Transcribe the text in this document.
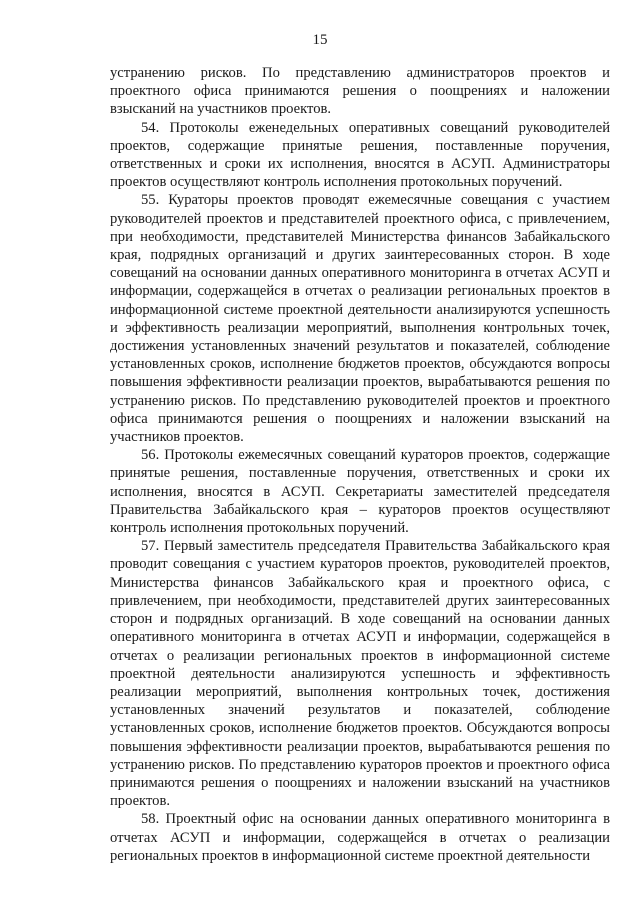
15

устранению рисков. По представлению администраторов проектов и проектного офиса принимаются решения о поощрениях и наложении взысканий на участников проектов.

54. Протоколы еженедельных оперативных совещаний руководителей проектов, содержащие принятые решения, поставленные поручения, ответственных и сроки их исполнения, вносятся в АСУП. Администраторы проектов осуществляют контроль исполнения протокольных поручений.

55. Кураторы проектов проводят ежемесячные совещания с участием руководителей проектов и представителей проектного офиса, с привлечением, при необходимости, представителей Министерства финансов Забайкальского края, подрядных организаций и других заинтересованных сторон. В ходе совещаний на основании данных оперативного мониторинга в отчетах АСУП и информации, содержащейся в отчетах о реализации региональных проектов в информационной системе проектной деятельности анализируются успешность и эффективность реализации мероприятий, выполнения контрольных точек, достижения установленных значений результатов и показателей, соблюдение установленных сроков, исполнение бюджетов проектов, обсуждаются вопросы повышения эффективности реализации проектов, вырабатываются решения по устранению рисков. По представлению руководителей проектов и проектного офиса принимаются решения о поощрениях и наложении взысканий на участников проектов.

56. Протоколы ежемесячных совещаний кураторов проектов, содержащие принятые решения, поставленные поручения, ответственных и сроки их исполнения, вносятся в АСУП. Секретариаты заместителей председателя Правительства Забайкальского края – кураторов проектов осуществляют контроль исполнения протокольных поручений.

57. Первый заместитель председателя Правительства Забайкальского края проводит совещания с участием кураторов проектов, руководителей проектов, Министерства финансов Забайкальского края и проектного офиса, с привлечением, при необходимости, представителей других заинтересованных сторон и подрядных организаций. В ходе совещаний на основании данных оперативного мониторинга в отчетах АСУП и информации, содержащейся в отчетах о реализации региональных проектов в информационной системе проектной деятельности анализируются успешность и эффективность реализации мероприятий, выполнения контрольных точек, достижения установленных значений результатов и показателей, соблюдение установленных сроков, исполнение бюджетов проектов. Обсуждаются вопросы повышения эффективности реализации проектов, вырабатываются решения по устранению рисков. По представлению кураторов проектов и проектного офиса принимаются решения о поощрениях и наложении взысканий на участников проектов.

58. Проектный офис на основании данных оперативного мониторинга в отчетах АСУП и информации, содержащейся в отчетах о реализации региональных проектов в информационной системе проектной деятельности
